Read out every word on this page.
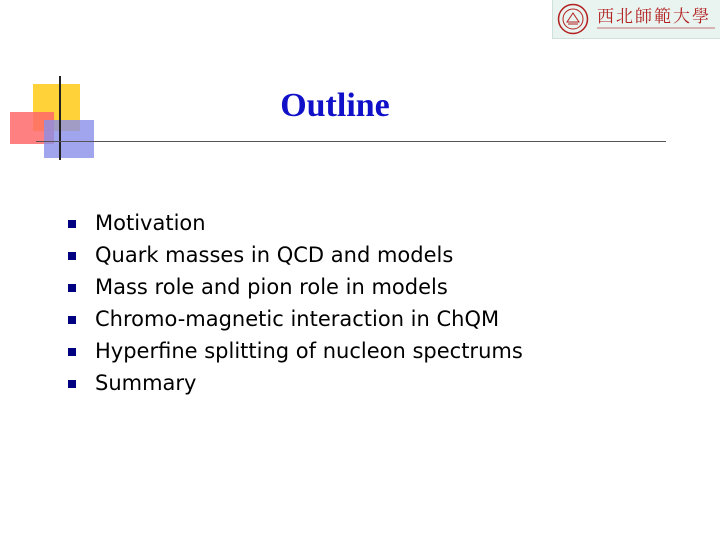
Outline
西北師範大學
Motivation
Quark masses in QCD and models
Mass role and pion role in models
Chromo-magnetic interaction in ChQM
Hyperfine splitting of nucleon spectrums
Summary
